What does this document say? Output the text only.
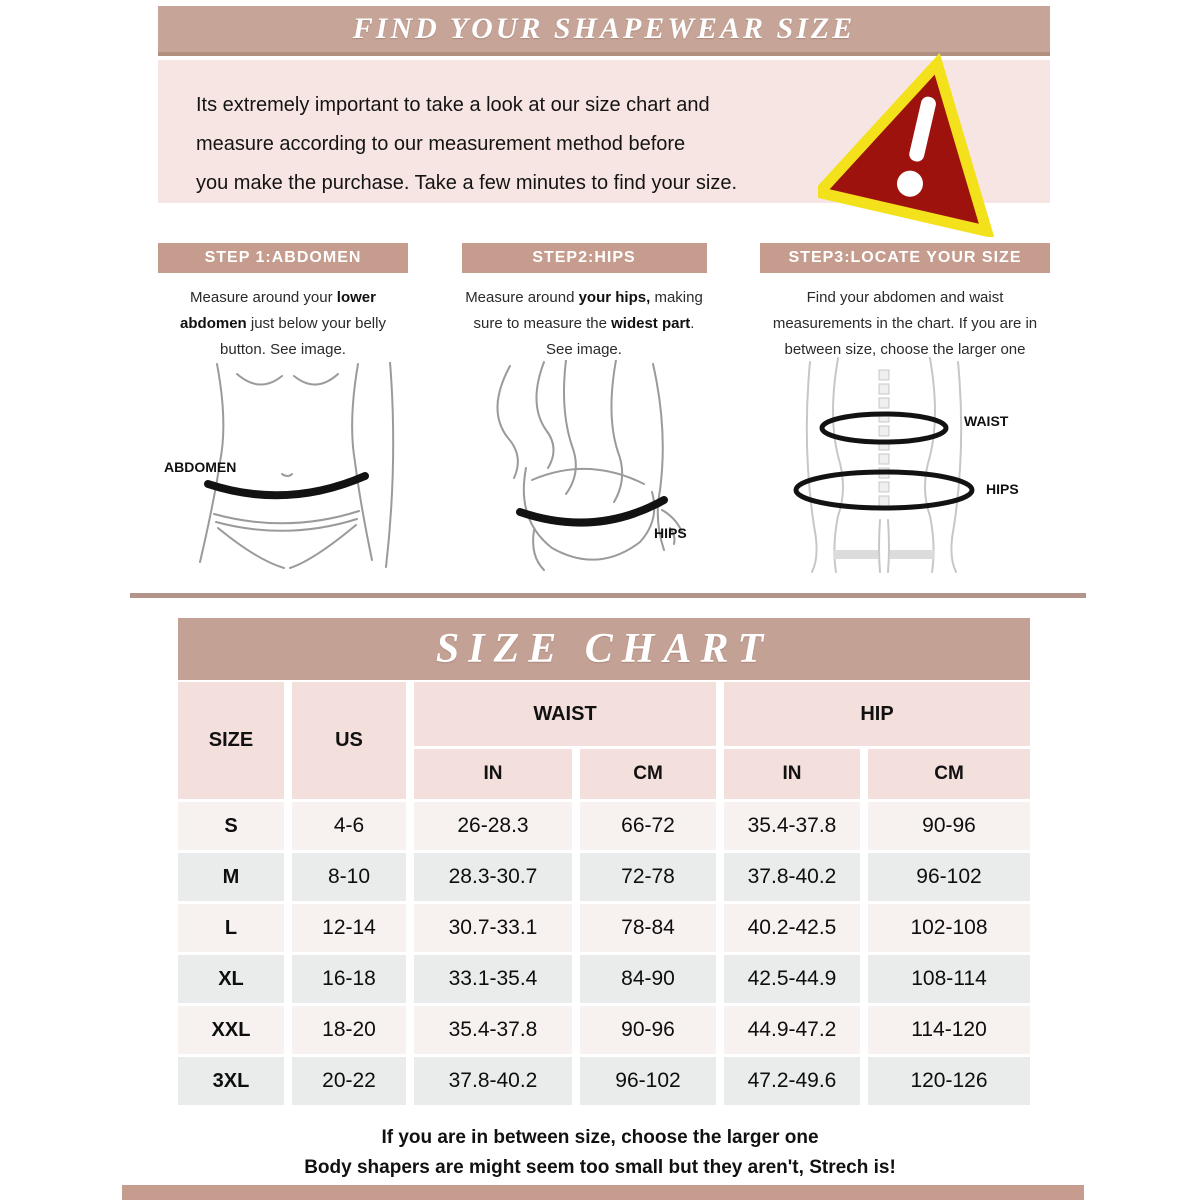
FIND YOUR SHAPEWEAR SIZE
Its extremely important to take a look at our size chart and
measure according to our measurement method before
you make the purchase. Take a few minutes to find your size.
STEP 1:ABDOMEN
Measure around your lower abdomen just below your belly button. See image.
STEP2:HIPS
Measure around your hips, making sure to measure the widest part. See image.
STEP3:LOCATE YOUR SIZE
Find your abdomen and waist measurements in the chart. If you are in between size, choose the larger one
ABDOMEN
HIPS
WAIST
HIPS
SIZE CHART
SIZE	US
WAIST	HIP
IN	CM	IN	CM
S	4-6	26-28.3	66-72	35.4-37.8	90-96
M	8-10	28.3-30.7	72-78	37.8-40.2	96-102
L	12-14	30.7-33.1	78-84	40.2-42.5	102-108
XL	16-18	33.1-35.4	84-90	42.5-44.9	108-114
XXL	18-20	35.4-37.8	90-96	44.9-47.2	114-120
3XL	20-22	37.8-40.2	96-102	47.2-49.6	120-126
If you are in between size, choose the larger one
Body shapers are might seem too small but they aren't, Strech is!
